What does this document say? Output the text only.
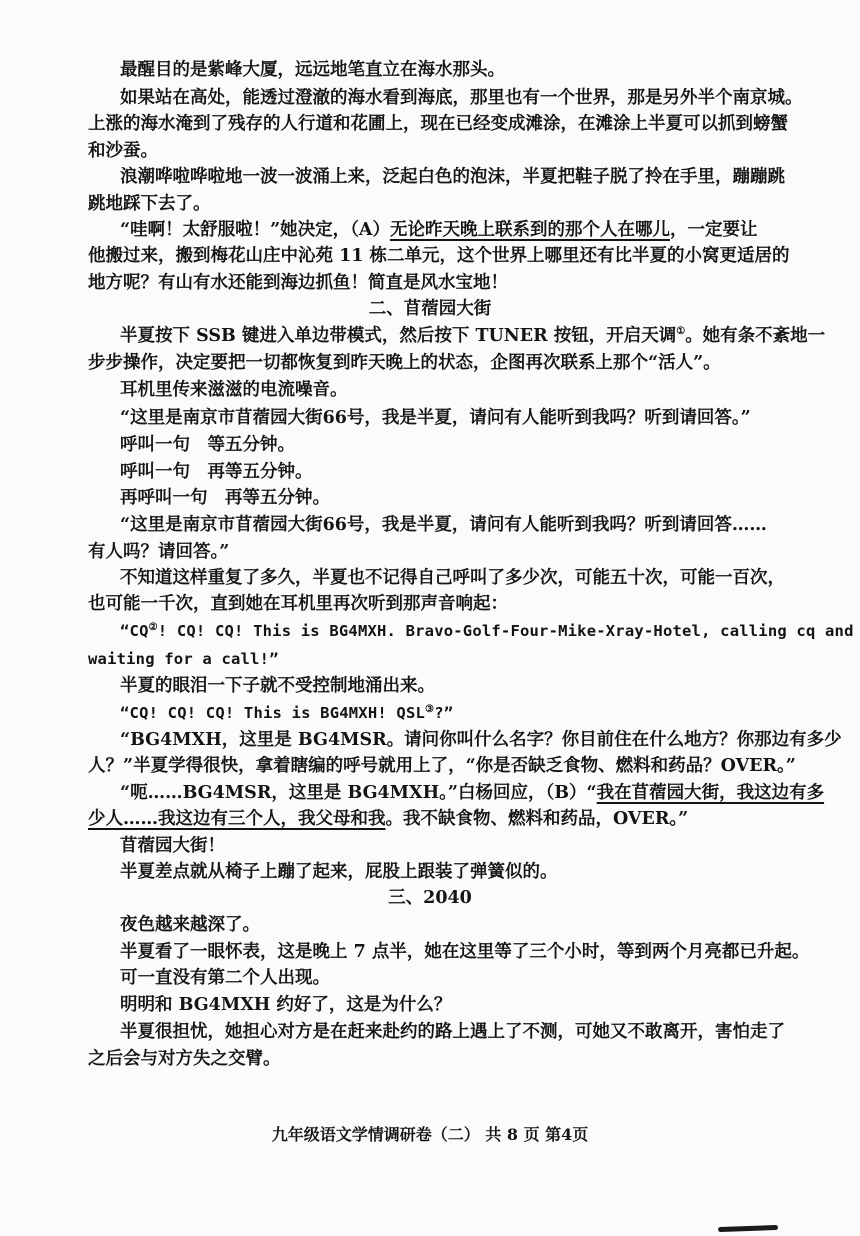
最醒目的是紫峰大厦，远远地笔直立在海水那头。
如果站在高处，能透过澄澈的海水看到海底，那里也有一个世界，那是另外半个南京城。
上涨的海水淹到了残存的人行道和花圃上，现在已经变成滩涂，在滩涂上半夏可以抓到螃蟹
和沙蚕。
浪潮哗啦哗啦地一波一波涌上来，泛起白色的泡沫，半夏把鞋子脱了拎在手里，蹦蹦跳
跳地踩下去了。
“哇啊！太舒服啦！”她决定，（A）无论昨天晚上联系到的那个人在哪儿，一定要让
他搬过来，搬到梅花山庄中沁苑 11 栋二单元，这个世界上哪里还有比半夏的小窝更适居的
地方呢？有山有水还能到海边抓鱼！简直是风水宝地！
二、苜蓿园大街
半夏按下 SSB 键进入单边带模式，然后按下 TUNER 按钮，开启天调①。她有条不紊地一
步步操作，决定要把一切都恢复到昨天晚上的状态，企图再次联系上那个“活人”。
耳机里传来滋滋的电流噪音。
“这里是南京市苜蓿园大街66号，我是半夏，请问有人能听到我吗？听到请回答。”
呼叫一句　等五分钟。
呼叫一句　再等五分钟。
再呼叫一句　再等五分钟。
“这里是南京市苜蓿园大街66号，我是半夏，请问有人能听到我吗？听到请回答……
有人吗？请回答。”
不知道这样重复了多久，半夏也不记得自己呼叫了多少次，可能五十次，可能一百次，
也可能一千次，直到她在耳机里再次听到那声音响起：
“CQ②! CQ! CQ! This is BG4MXH. Bravo-Golf-Four-Mike-Xray-Hotel, calling cq and
waiting for a call!”
半夏的眼泪一下子就不受控制地涌出来。
“CQ! CQ! CQ! This is BG4MXH! QSL③?”
“BG4MXH，这里是 BG4MSR。请问你叫什么名字？你目前住在什么地方？你那边有多少
人？”半夏学得很快，拿着瞎编的呼号就用上了，“你是否缺乏食物、燃料和药品？OVER。”
“呃……BG4MSR，这里是 BG4MXH。”白杨回应，（B）“我在苜蓿园大街，我这边有多
少人……我这边有三个人，我父母和我。我不缺食物、燃料和药品，OVER。”
苜蓿园大街！
半夏差点就从椅子上蹦了起来，屁股上跟装了弹簧似的。
三、2040
夜色越来越深了。
半夏看了一眼怀表，这是晚上 7 点半，她在这里等了三个小时，等到两个月亮都已升起。
可一直没有第二个人出现。
明明和 BG4MXH 约好了，这是为什么？
半夏很担忧，她担心对方是在赶来赴约的路上遇上了不测，可她又不敢离开，害怕走了
之后会与对方失之交臂。
九年级语文学情调研卷（二） 共 8 页 第4页
